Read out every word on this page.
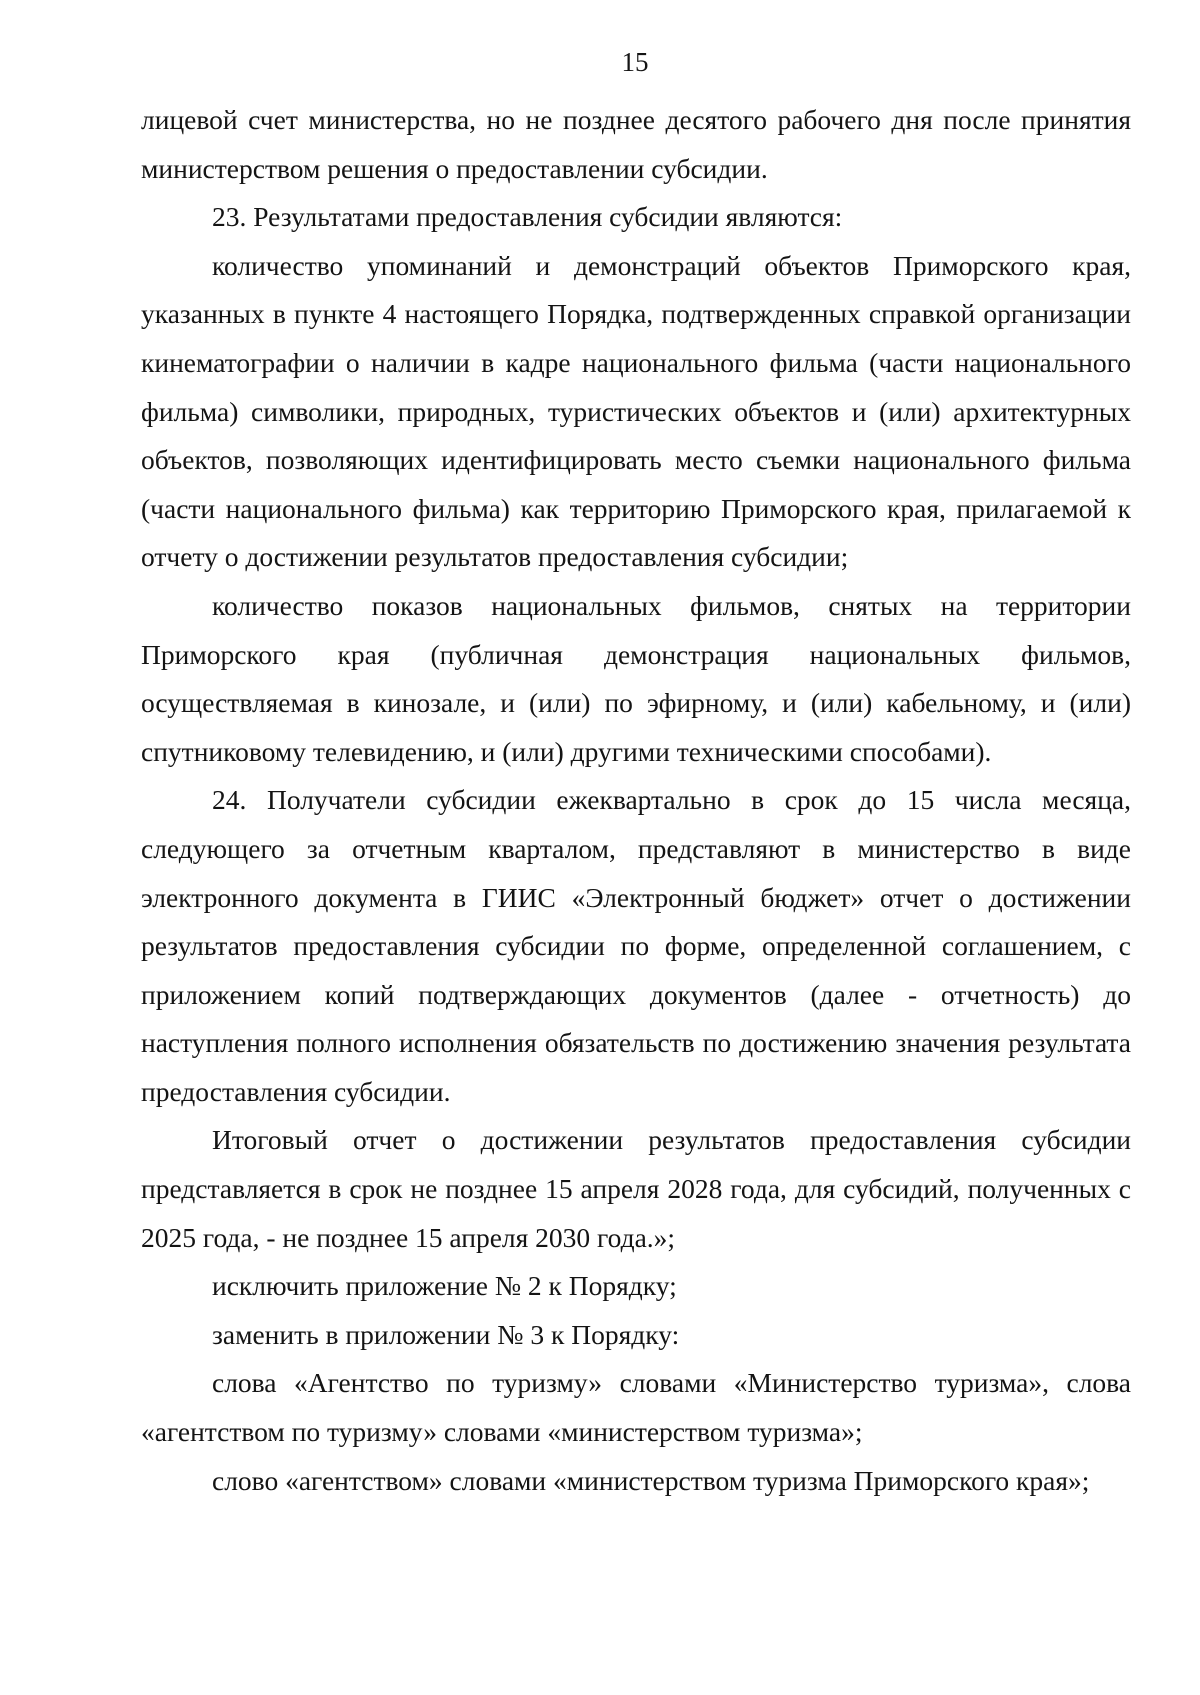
15

лицевой счет министерства, но не позднее десятого рабочего дня после принятия министерством решения о предоставлении субсидии.

23. Результатами предоставления субсидии являются:

количество упоминаний и демонстраций объектов Приморского края, указанных в пункте 4 настоящего Порядка, подтвержденных справкой организации кинематографии о наличии в кадре национального фильма (части национального фильма) символики, природных, туристических объектов и (или) архитектурных объектов, позволяющих идентифицировать место съемки национального фильма (части национального фильма) как территорию Приморского края, прилагаемой к отчету о достижении результатов предоставления субсидии;

количество показов национальных фильмов, снятых на территории Приморского края (публичная демонстрация национальных фильмов, осуществляемая в кинозале, и (или) по эфирному, и (или) кабельному, и (или) спутниковому телевидению, и (или) другими техническими способами).

24. Получатели субсидии ежеквартально в срок до 15 числа месяца, следующего за отчетным кварталом, представляют в министерство в виде электронного документа в ГИИС «Электронный бюджет» отчет о достижении результатов предоставления субсидии по форме, определенной соглашением, с приложением копий подтверждающих документов (далее - отчетность) до наступления полного исполнения обязательств по достижению значения результата предоставления субсидии.

Итоговый отчет о достижении результатов предоставления субсидии представляется в срок не позднее 15 апреля 2028 года, для субсидий, полученных с 2025 года, - не позднее 15 апреля 2030 года.»;

исключить приложение № 2 к Порядку;

заменить в приложении № 3 к Порядку:

слова «Агентство по туризму» словами «Министерство туризма», слова «агентством по туризму» словами «министерством туризма»;

слово «агентством» словами «министерством туризма Приморского края»;
